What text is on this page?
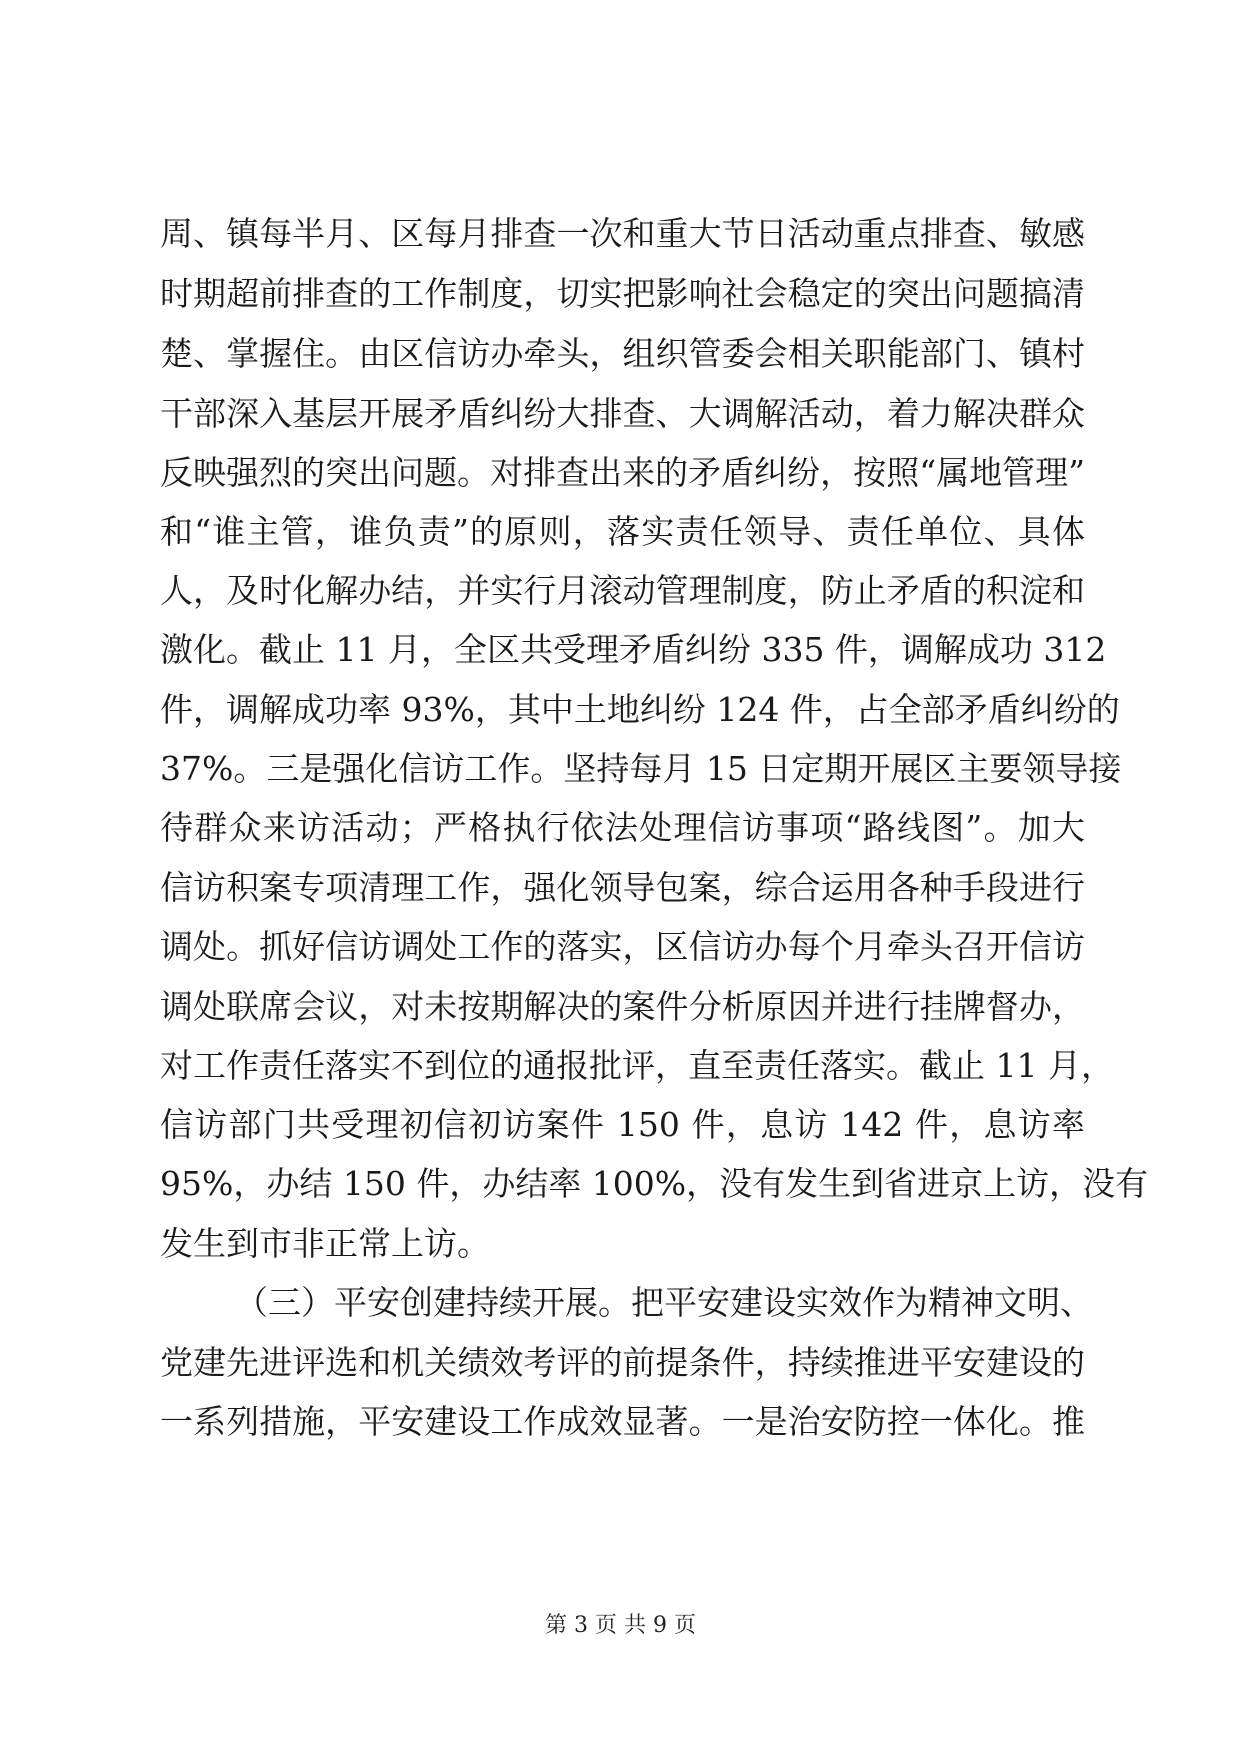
周、镇每半月、区每月排查一次和重大节日活动重点排查、敏感
时期超前排查的工作制度，切实把影响社会稳定的突出问题搞清
楚、掌握住。由区信访办牵头，组织管委会相关职能部门、镇村
干部深入基层开展矛盾纠纷大排查、大调解活动，着力解决群众
反映强烈的突出问题。对排查出来的矛盾纠纷，按照“属地管理”
和“谁主管，谁负责”的原则，落实责任领导、责任单位、具体
人，及时化解办结，并实行月滚动管理制度，防止矛盾的积淀和
激化。截止 11 月，全区共受理矛盾纠纷 335 件，调解成功 312
件，调解成功率 93%，其中土地纠纷 124 件，占全部矛盾纠纷的
37%。三是强化信访工作。坚持每月 15 日定期开展区主要领导接
待群众来访活动；严格执行依法处理信访事项“路线图”。加大
信访积案专项清理工作，强化领导包案，综合运用各种手段进行
调处。抓好信访调处工作的落实，区信访办每个月牵头召开信访
调处联席会议，对未按期解决的案件分析原因并进行挂牌督办，
对工作责任落实不到位的通报批评，直至责任落实。截止 11 月，
信访部门共受理初信初访案件 150 件，息访 142 件，息访率
95%，办结 150 件，办结率 100%，没有发生到省进京上访，没有
发生到市非正常上访。
（三）平安创建持续开展。把平安建设实效作为精神文明、
党建先进评选和机关绩效考评的前提条件，持续推进平安建设的
一系列措施，平安建设工作成效显著。一是治安防控一体化。推
第 3 页 共 9 页
